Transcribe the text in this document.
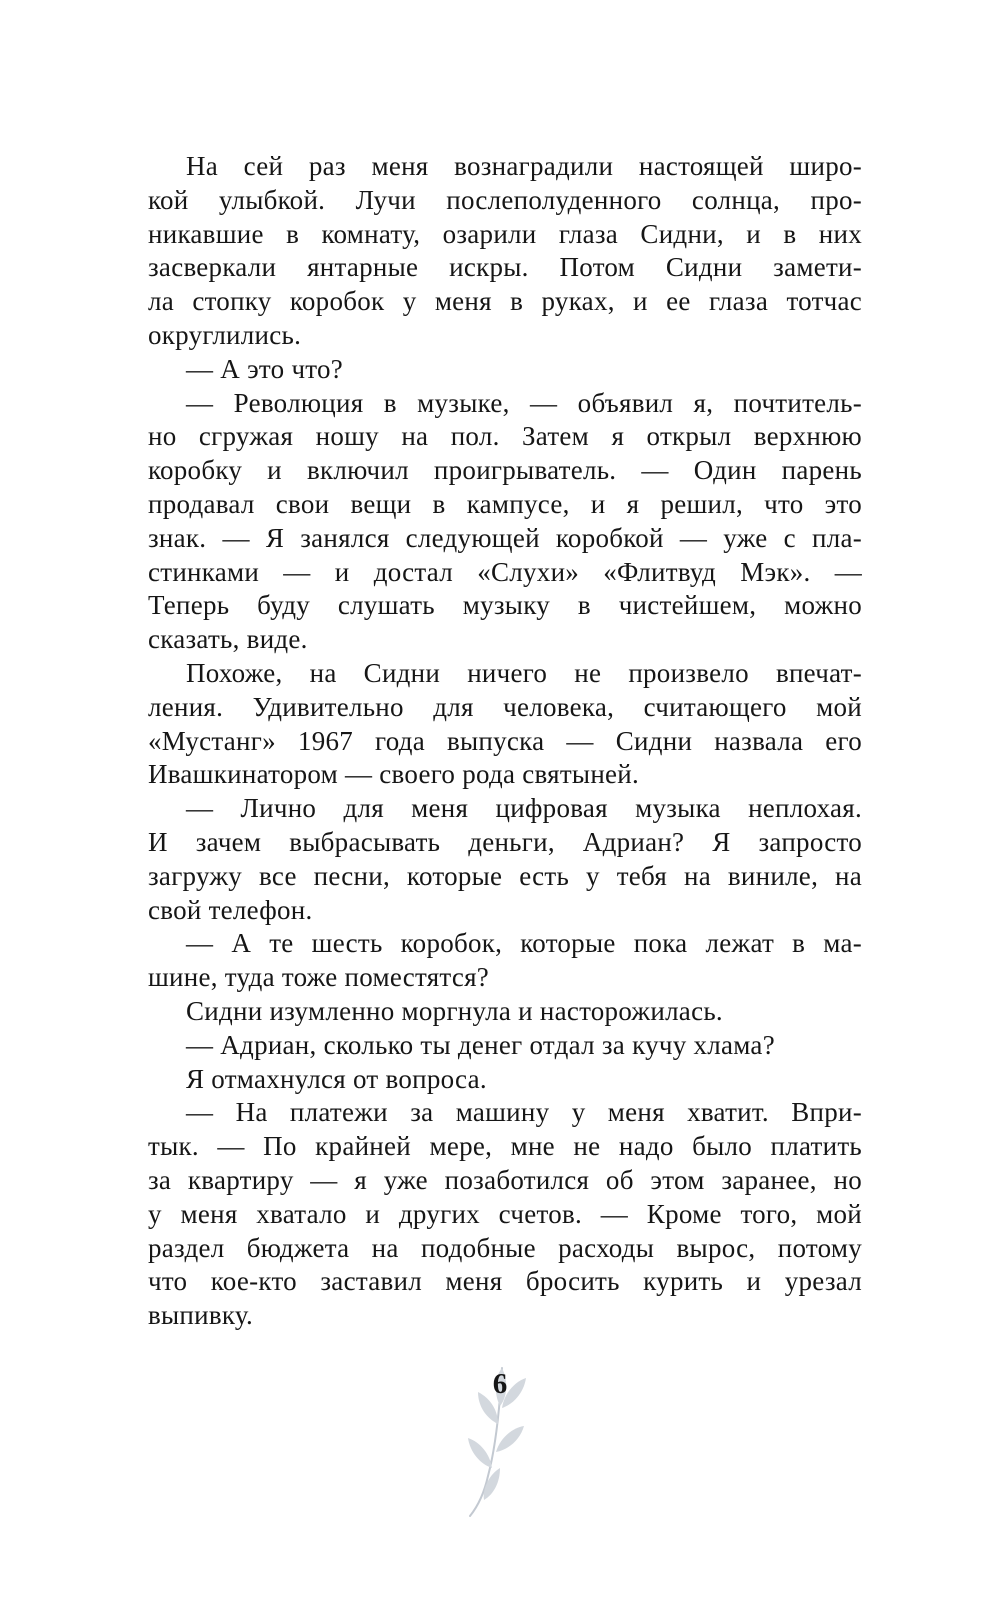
На сей раз меня вознаградили настоящей широ-
кой улыбкой. Лучи послеполуденного солнца, про-
никавшие в комнату, озарили глаза Сидни, и в них
засверкали янтарные искры. Потом Сидни замети-
ла стопку коробок у меня в руках, и ее глаза тотчас
округлились.
— А это что?
— Революция в музыке, — объявил я, почтитель-
но сгружая ношу на пол. Затем я открыл верхнюю
коробку и включил проигрыватель. — Один парень
продавал свои вещи в кампусе, и я решил, что это
знак. — Я занялся следующей коробкой — уже с пла-
стинками — и достал «Слухи» «Флитвуд Мэк». —
Теперь буду слушать музыку в чистейшем, можно
сказать, виде.
Похоже, на Сидни ничего не произвело впечат-
ления. Удивительно для человека, считающего мой
«Мустанг» 1967 года выпуска — Сидни назвала его
Ивашкинатором — своего рода святыней.
— Лично для меня цифровая музыка неплохая.
И зачем выбрасывать деньги, Адриан? Я запросто
загружу все песни, которые есть у тебя на виниле, на
свой телефон.
— А те шесть коробок, которые пока лежат в ма-
шине, туда тоже поместятся?
Сидни изумленно моргнула и насторожилась.
— Адриан, сколько ты денег отдал за кучу хлама?
Я отмахнулся от вопроса.
— На платежи за машину у меня хватит. Впри-
тык. — По крайней мере, мне не надо было платить
за квартиру — я уже позаботился об этом заранее, но
у меня хватало и других счетов. — Кроме того, мой
раздел бюджета на подобные расходы вырос, потому
что кое-кто заставил меня бросить курить и урезал
выпивку.
6
